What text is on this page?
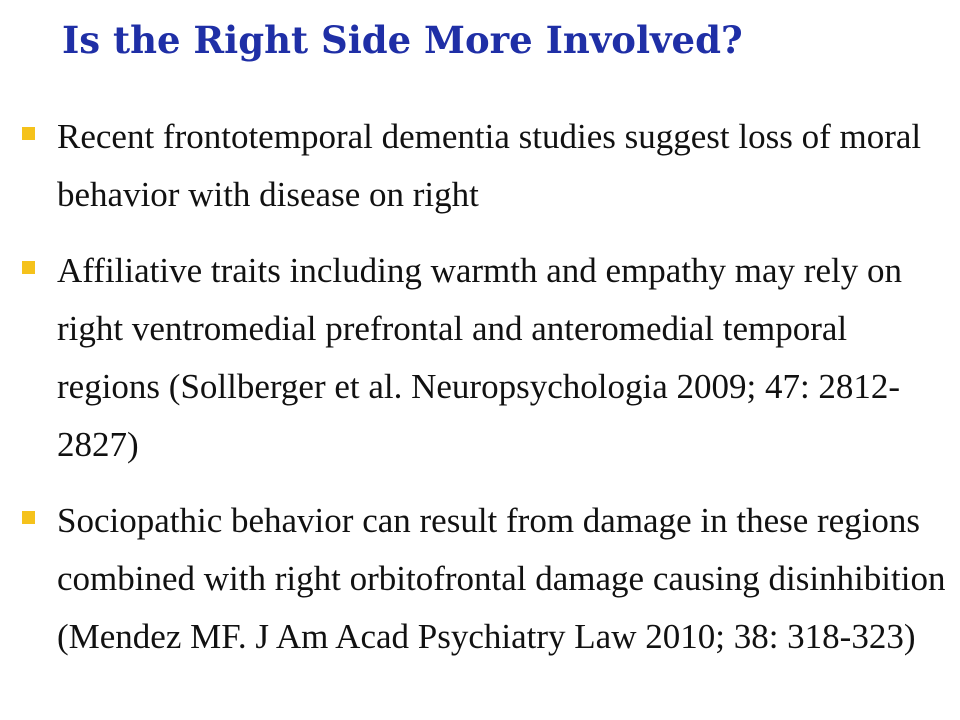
Is the Right Side More Involved?
Recent frontotemporal dementia studies suggest loss of moral behavior with disease on right
Affiliative traits including warmth and empathy may rely on right ventromedial prefrontal and anteromedial temporal regions (Sollberger et al. Neuropsychologia 2009; 47: 2812-2827)
Sociopathic behavior can result from damage in these regions combined with right orbitofrontal damage causing disinhibition (Mendez MF. J Am Acad Psychiatry Law 2010; 38: 318-323)
